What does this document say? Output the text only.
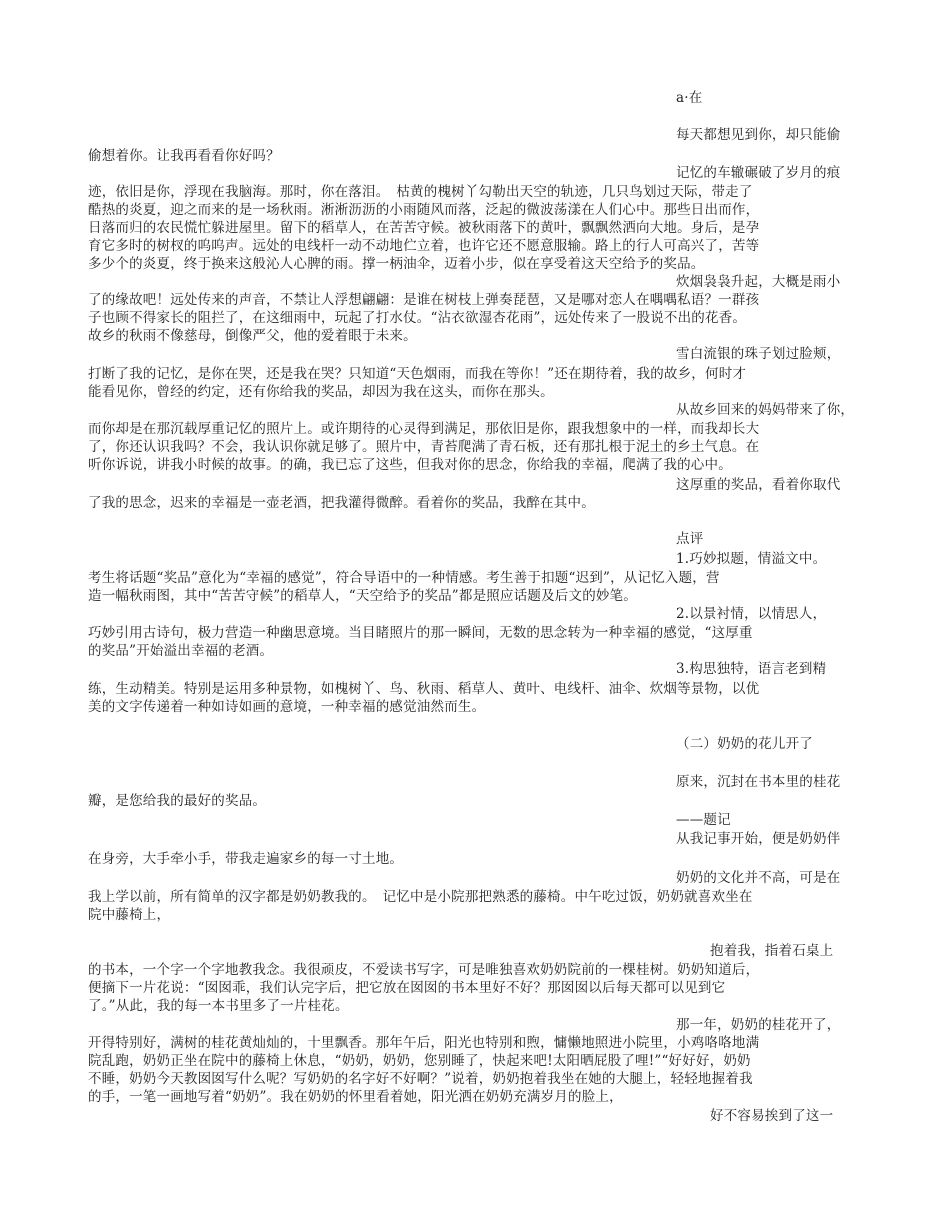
a·在
每天都想见到你，却只能偷
偷想着你。让我再看看你好吗？
记忆的车辙碾破了岁月的痕
迹，依旧是你，浮现在我脑海。那时，你在落泪。　枯黄的槐树丫勾勒出天空的轨迹，几只鸟划过天际，带走了
酷热的炎夏，迎之而来的是一场秋雨。淅淅沥沥的小雨随风而落，泛起的微波荡漾在人们心中。那些日出而作，
日落而归的农民慌忙躲进屋里。留下的稻草人，在苦苦守候。被秋雨落下的黄叶，飘飘然洒向大地。身后，是孕
育它多时的树杈的呜呜声。远处的电线杆一动不动地伫立着，也许它还不愿意服输。路上的行人可高兴了，苦等
多少个的炎夏，终于换来这般沁人心脾的雨。撑一柄油伞，迈着小步，似在享受着这天空给予的奖品。
炊烟袅袅升起，大概是雨小
了的缘故吧！远处传来的声音，不禁让人浮想翩翩：是谁在树枝上弹奏琵琶，又是哪对恋人在喁喁私语？一群孩
子也顾不得家长的阻拦了，在这细雨中，玩起了打水仗。“沾衣欲湿杏花雨”，远处传来了一股说不出的花香。
故乡的秋雨不像慈母，倒像严父，他的爱着眼于未来。
雪白流银的珠子划过脸颊，
打断了我的记忆，是你在哭，还是我在哭？只知道“天色烟雨，而我在等你！”还在期待着，我的故乡，何时才
能看见你，曾经的约定，还有你给我的奖品，却因为我在这头，而你在那头。
从故乡回来的妈妈带来了你，
而你却是在那沉载厚重记忆的照片上。或许期待的心灵得到满足，那依旧是你，跟我想象中的一样，而我却长大
了，你还认识我吗？不会，我认识你就足够了。照片中，青苔爬满了青石板，还有那扎根于泥土的乡土气息。在
听你诉说，讲我小时候的故事。的确，我已忘了这些，但我对你的思念，你给我的幸福，爬满了我的心中。
这厚重的奖品，看着你取代
了我的思念，迟来的幸福是一壶老酒，把我灌得微醉。看着你的奖品，我醉在其中。
点评
1.巧妙拟题，情溢文中。
考生将话题“奖品”意化为“幸福的感觉”，符合导语中的一种情感。考生善于扣题“迟到”，从记忆入题，营
造一幅秋雨图，其中“苦苦守候”的稻草人，“天空给予的奖品”都是照应话题及后文的妙笔。
2.以景衬情，以情思人，
巧妙引用古诗句，极力营造一种幽思意境。当目睹照片的那一瞬间，无数的思念转为一种幸福的感觉，“这厚重
的奖品”开始溢出幸福的老酒。
3.构思独特，语言老到精
练，生动精美。特别是运用多种景物，如槐树丫、鸟、秋雨、稻草人、黄叶、电线杆、油伞、炊烟等景物，以优
美的文字传递着一种如诗如画的意境，一种幸福的感觉油然而生。
（二）奶奶的花儿开了
原来，沉封在书本里的桂花
瓣，是您给我的最好的奖品。
——题记
从我记事开始，便是奶奶伴
在身旁，大手牵小手，带我走遍家乡的每一寸土地。
奶奶的文化并不高，可是在
我上学以前，所有简单的汉字都是奶奶教我的。　记忆中是小院那把熟悉的藤椅。中午吃过饭，奶奶就喜欢坐在
院中藤椅上，
抱着我，指着石桌上
的书本，一个字一个字地教我念。我很顽皮，不爱读书写字，可是唯独喜欢奶奶院前的一棵桂树。奶奶知道后，
便摘下一片花说：“囡囡乖，我们认完字后，把它放在囡囡的书本里好不好？那囡囡以后每天都可以见到它
了。”从此，我的每一本书里多了一片桂花。
那一年，奶奶的桂花开了，
开得特别好，满树的桂花黄灿灿的，十里飘香。那年午后，阳光也特别和煦，慵懒地照进小院里，小鸡咯咯地满
院乱跑，奶奶正坐在院中的藤椅上休息，“奶奶，奶奶，您别睡了，快起来吧!太阳晒屁股了哩!”“好好好，奶奶
不睡，奶奶今天教囡囡写什么呢？写奶奶的名字好不好啊？”说着，奶奶抱着我坐在她的大腿上，轻轻地握着我
的手，一笔一画地写着“奶奶”。我在奶奶的怀里看着她，阳光洒在奶奶充满岁月的脸上，
好不容易挨到了这一
